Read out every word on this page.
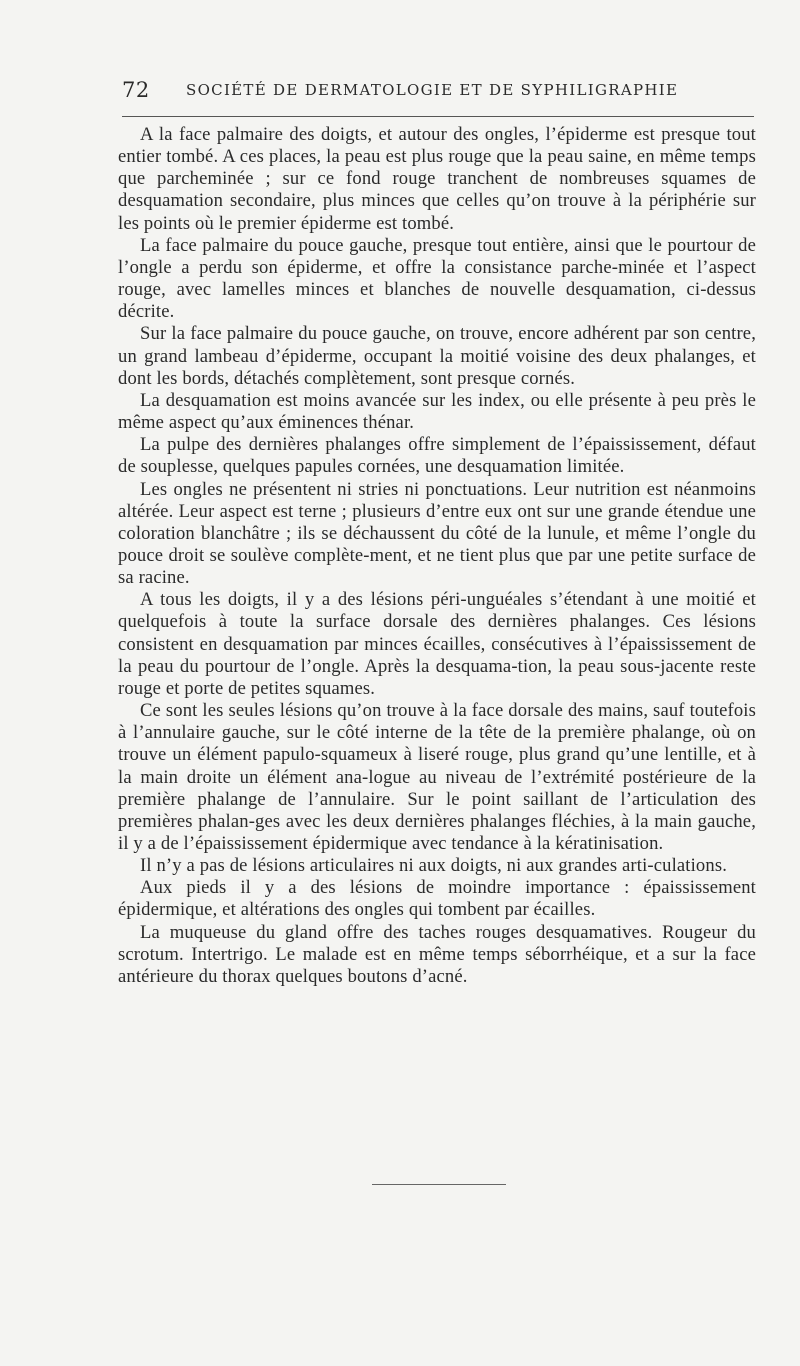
72 SOCIÉTÉ DE DERMATOLOGIE ET DE SYPHILIGRAPHIE

A la face palmaire des doigts, et autour des ongles, l’épiderme est presque tout entier tombé. A ces places, la peau est plus rouge que la peau saine, en même temps que parcheminée ; sur ce fond rouge tranchent de nombreuses squames de desquamation secondaire, plus minces que celles qu’on trouve à la périphérie sur les points où le premier épiderme est tombé.

La face palmaire du pouce gauche, presque tout entière, ainsi que le pourtour de l’ongle a perdu son épiderme, et offre la consistance parche-minée et l’aspect rouge, avec lamelles minces et blanches de nouvelle desquamation, ci-dessus décrite.

Sur la face palmaire du pouce gauche, on trouve, encore adhérent par son centre, un grand lambeau d’épiderme, occupant la moitié voisine des deux phalanges, et dont les bords, détachés complètement, sont presque cornés.

La desquamation est moins avancée sur les index, ou elle présente à peu près le même aspect qu’aux éminences thénar.

La pulpe des dernières phalanges offre simplement de l’épaississement, défaut de souplesse, quelques papules cornées, une desquamation limitée.

Les ongles ne présentent ni stries ni ponctuations. Leur nutrition est néanmoins altérée. Leur aspect est terne ; plusieurs d’entre eux ont sur une grande étendue une coloration blanchâtre ; ils se déchaussent du côté de la lunule, et même l’ongle du pouce droit se soulève complète-ment, et ne tient plus que par une petite surface de sa racine.

A tous les doigts, il y a des lésions péri-unguéales s’étendant à une moitié et quelquefois à toute la surface dorsale des dernières phalanges. Ces lésions consistent en desquamation par minces écailles, consécutives à l’épaississement de la peau du pourtour de l’ongle. Après la desquama-tion, la peau sous-jacente reste rouge et porte de petites squames.

Ce sont les seules lésions qu’on trouve à la face dorsale des mains, sauf toutefois à l’annulaire gauche, sur le côté interne de la tête de la première phalange, où on trouve un élément papulo-squameux à liseré rouge, plus grand qu’une lentille, et à la main droite un élément ana-logue au niveau de l’extrémité postérieure de la première phalange de l’annulaire. Sur le point saillant de l’articulation des premières phalan-ges avec les deux dernières phalanges fléchies, à la main gauche, il y a de l’épaississement épidermique avec tendance à la kératinisation.

Il n’y a pas de lésions articulaires ni aux doigts, ni aux grandes arti-culations.

Aux pieds il y a des lésions de moindre importance : épaississement épidermique, et altérations des ongles qui tombent par écailles.

La muqueuse du gland offre des taches rouges desquamatives. Rougeur du scrotum. Intertrigo. Le malade est en même temps séborrhéique, et a sur la face antérieure du thorax quelques boutons d’acné.
